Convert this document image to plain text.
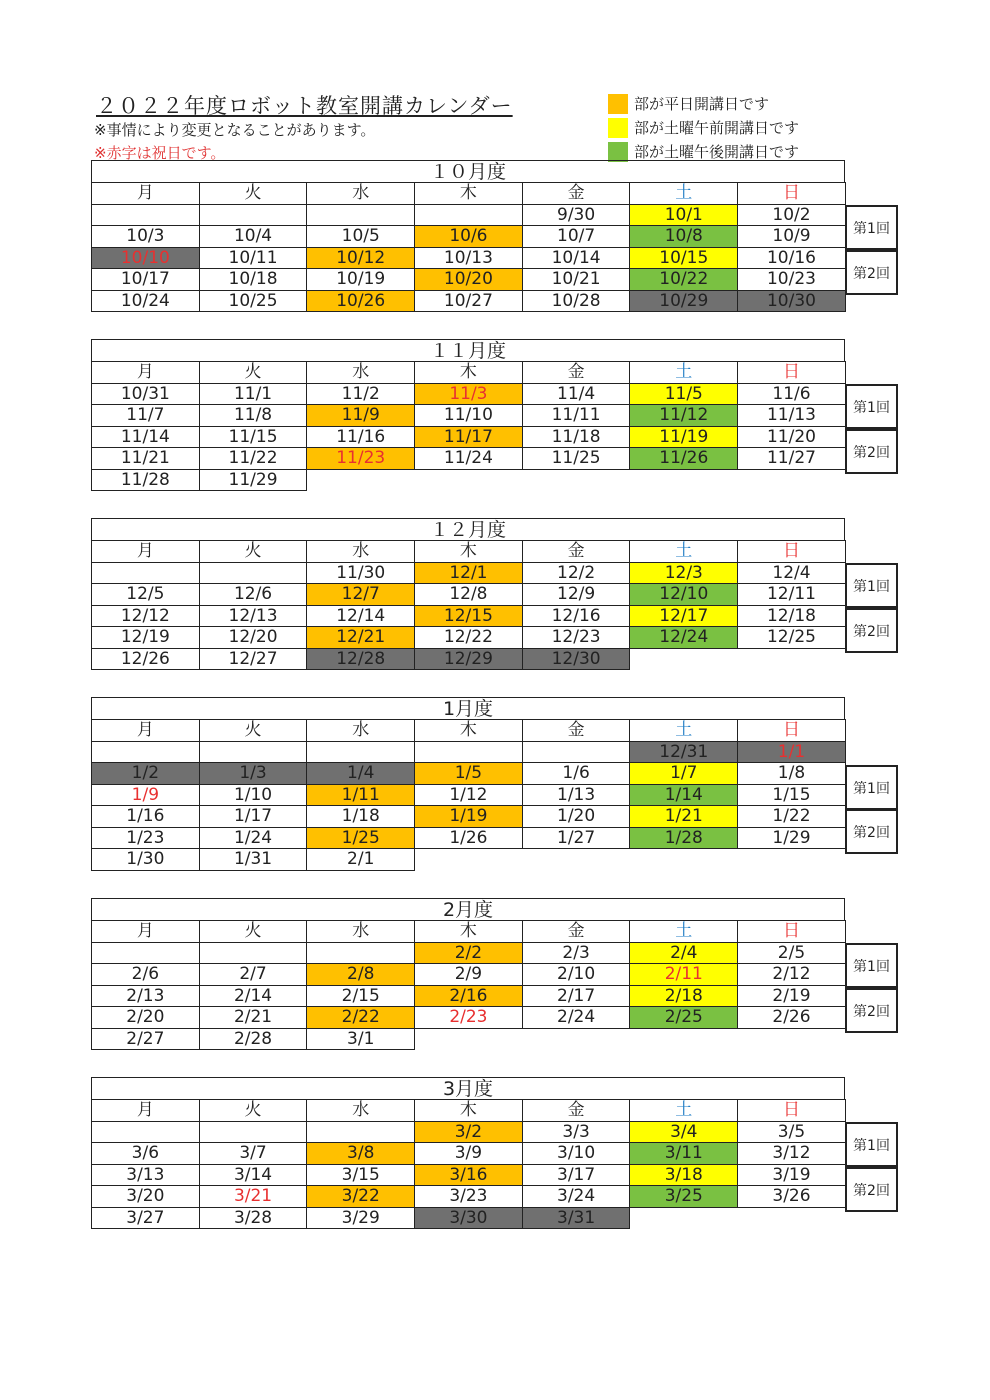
２０２２年度ロボット教室開講カレンダー
※事情により変更となることがあります。
※赤字は祝日です。
部が平日開講日です
部が土曜午前開講日です
部が土曜午後開講日です
１０月度
月	火	水	木	金	土	日
				9/30	10/1	10/2
10/3	10/4	10/5	10/6	10/7	10/8	10/9
10/10	10/11	10/12	10/13	10/14	10/15	10/16
10/17	10/18	10/19	10/20	10/21	10/22	10/23
10/24	10/25	10/26	10/27	10/28	10/29	10/30
第1回
第2回
１１月度
月	火	水	木	金	土	日
10/31	11/1	11/2	11/3	11/4	11/5	11/6
11/7	11/8	11/9	11/10	11/11	11/12	11/13
11/14	11/15	11/16	11/17	11/18	11/19	11/20
11/21	11/22	11/23	11/24	11/25	11/26	11/27
11/28	11/29					
第1回
第2回
１２月度
月	火	水	木	金	土	日
		11/30	12/1	12/2	12/3	12/4
12/5	12/6	12/7	12/8	12/9	12/10	12/11
12/12	12/13	12/14	12/15	12/16	12/17	12/18
12/19	12/20	12/21	12/22	12/23	12/24	12/25
12/26	12/27	12/28	12/29	12/30		
第1回
第2回
1月度
月	火	水	木	金	土	日
					12/31	1/1
1/2	1/3	1/4	1/5	1/6	1/7	1/8
1/9	1/10	1/11	1/12	1/13	1/14	1/15
1/16	1/17	1/18	1/19	1/20	1/21	1/22
1/23	1/24	1/25	1/26	1/27	1/28	1/29
1/30	1/31	2/1				
第1回
第2回
2月度
月	火	水	木	金	土	日
			2/2	2/3	2/4	2/5
2/6	2/7	2/8	2/9	2/10	2/11	2/12
2/13	2/14	2/15	2/16	2/17	2/18	2/19
2/20	2/21	2/22	2/23	2/24	2/25	2/26
2/27	2/28	3/1				
第1回
第2回
3月度
月	火	水	木	金	土	日
			3/2	3/3	3/4	3/5
3/6	3/7	3/8	3/9	3/10	3/11	3/12
3/13	3/14	3/15	3/16	3/17	3/18	3/19
3/20	3/21	3/22	3/23	3/24	3/25	3/26
3/27	3/28	3/29	3/30	3/31		
第1回
第2回
